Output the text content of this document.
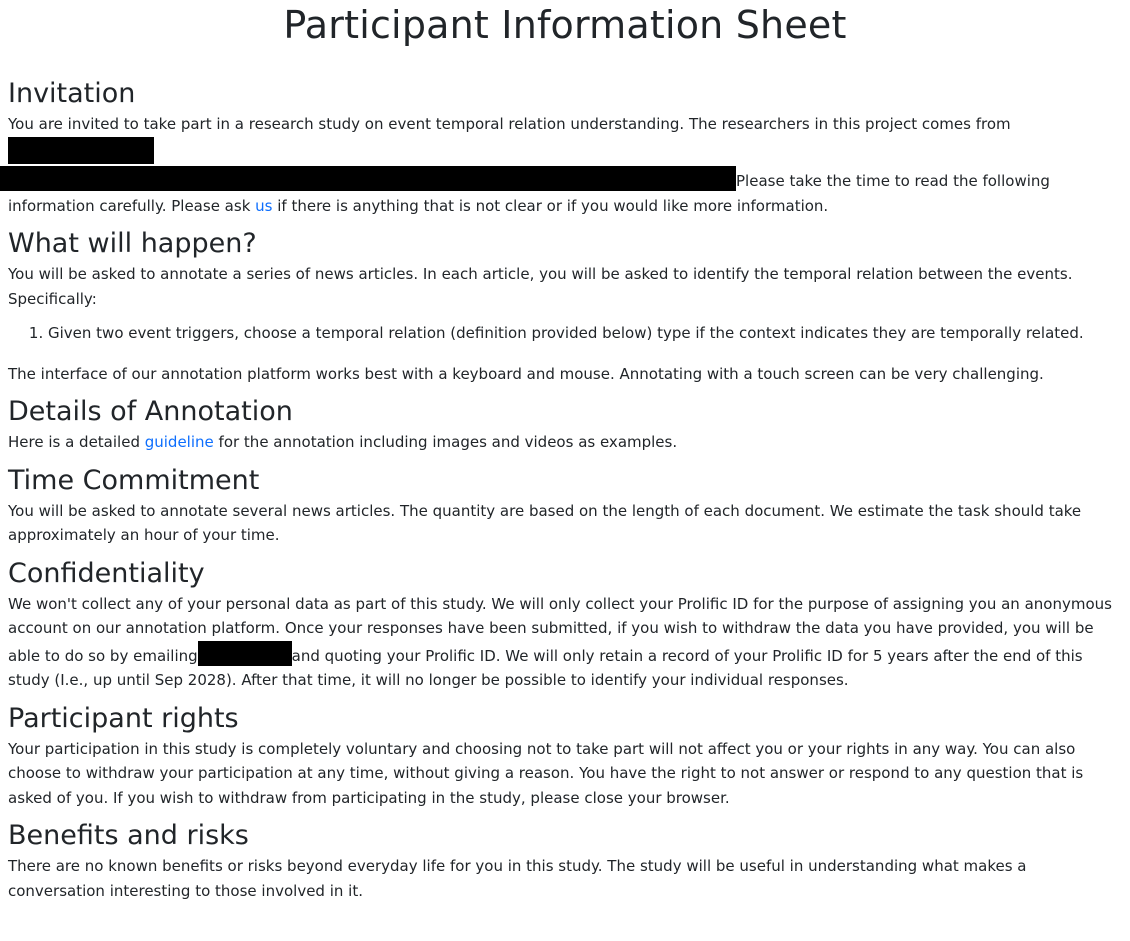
Participant Information Sheet
Invitation

You are invited to take part in a research study on event temporal relation understanding. The researchers in this project comes from
Please take the time to read the following information carefully. Please ask us if there is anything that is not clear or if you would like more information.

What will happen?

You will be asked to annotate a series of news articles. In each article, you will be asked to identify the temporal relation between the events. Specifically:

1. Given two event triggers, choose a temporal relation (definition provided below) type if the context indicates they are temporally related.

The interface of our annotation platform works best with a keyboard and mouse. Annotating with a touch screen can be very challenging.

Details of Annotation

Here is a detailed guideline for the annotation including images and videos as examples.

Time Commitment

You will be asked to annotate several news articles. The quantity are based on the length of each document. We estimate the task should take approximately an hour of your time.

Confidentiality

We won't collect any of your personal data as part of this study. We will only collect your Prolific ID for the purpose of assigning you an anonymous account on our annotation platform. Once your responses have been submitted, if you wish to withdraw the data you have provided, you will be able to do so by emailing	and quoting your Prolific ID. We will only retain a record of your Prolific ID for 5 years after the end of this study (I.e., up until Sep 2028). After that time, it will no longer be possible to identify your individual responses.

Participant rights

Your participation in this study is completely voluntary and choosing not to take part will not affect you or your rights in any way. You can also choose to withdraw your participation at any time, without giving a reason. You have the right to not answer or respond to any question that is asked of you. If you wish to withdraw from participating in the study, please close your browser.

Benefits and risks

There are no known benefits or risks beyond everyday life for you in this study. The study will be useful in understanding what makes a conversation interesting to those involved in it.
